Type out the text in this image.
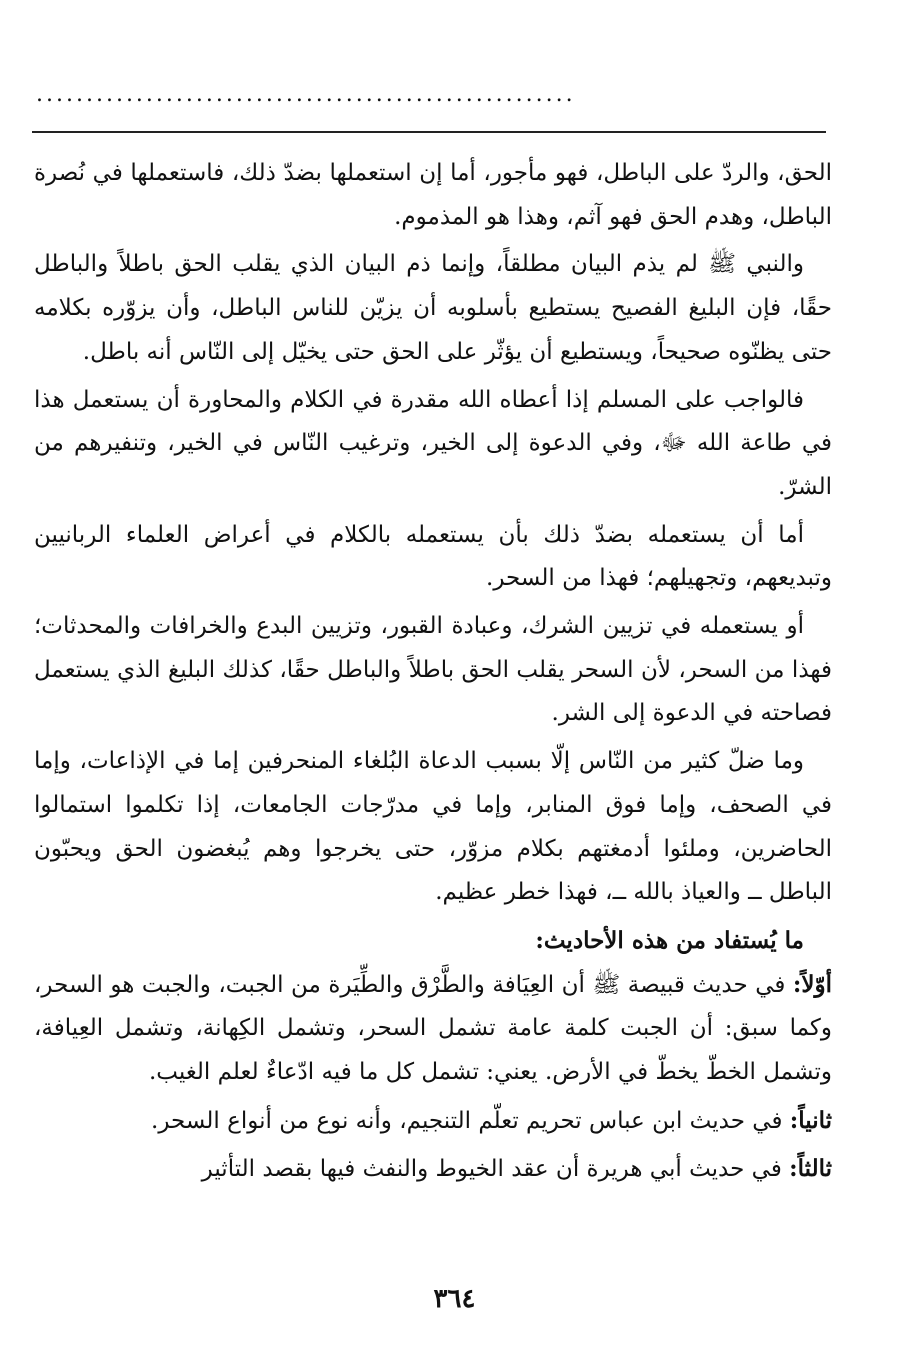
......................................................

الحق، والردّ على الباطل، فهو مأجور، أما إن استعملها بضدّ ذلك، فاستعملها في نُصرة الباطل، وهدم الحق فهو آثم، وهذا هو المذموم.

والنبي ﷺ لم يذم البيان مطلقاً، وإنما ذم البيان الذي يقلب الحق باطلاً والباطل حقًا، فإن البليغ الفصيح يستطيع بأسلوبه أن يزيّن للناس الباطل، وأن يزوّره بكلامه حتى يظنّوه صحيحاً، ويستطيع أن يؤثّر على الحق حتى يخيّل إلى النّاس أنه باطل.

فالواجب على المسلم إذا أعطاه الله مقدرة في الكلام والمحاورة أن يستعمل هذا في طاعة الله ﷻ، وفي الدعوة إلى الخير، وترغيب النّاس في الخير، وتنفيرهم من الشرّ.

أما أن يستعمله بضدّ ذلك بأن يستعمله بالكلام في أعراض العلماء الربانيين وتبديعهم، وتجهيلهم؛ فهذا من السحر.

أو يستعمله في تزيين الشرك، وعبادة القبور، وتزيين البدع والخرافات والمحدثات؛ فهذا من السحر، لأن السحر يقلب الحق باطلاً والباطل حقًا، كذلك البليغ الذي يستعمل فصاحته في الدعوة إلى الشر.

وما ضلّ كثير من النّاس إلّا بسبب الدعاة البُلغاء المنحرفين إما في الإذاعات، وإما في الصحف، وإما فوق المنابر، وإما في مدرّجات الجامعات، إذا تكلموا استمالوا الحاضرين، وملئوا أدمغتهم بكلام مزوّر، حتى يخرجوا وهم يُبغضون الحق ويحبّون الباطل ــ والعياذ بالله ــ، فهذا خطر عظيم.

ما يُستفاد من هذه الأحاديث:

أوّلاً: في حديث قبيصة ﷺ أن العِيَافة والطَّرْق والطِّيَرة من الجبت، والجبت هو السحر، وكما سبق: أن الجبت كلمة عامة تشمل السحر، وتشمل الكِهانة، وتشمل العِيافة، وتشمل الخطّ يخطّ في الأرض. يعني: تشمل كل ما فيه ادّعاءٌ لعلم الغيب.

ثانياً: في حديث ابن عباس تحريم تعلّم التنجيم، وأنه نوع من أنواع السحر.

ثالثاً: في حديث أبي هريرة أن عقد الخيوط والنفث فيها بقصد التأثير

٣٦٤
